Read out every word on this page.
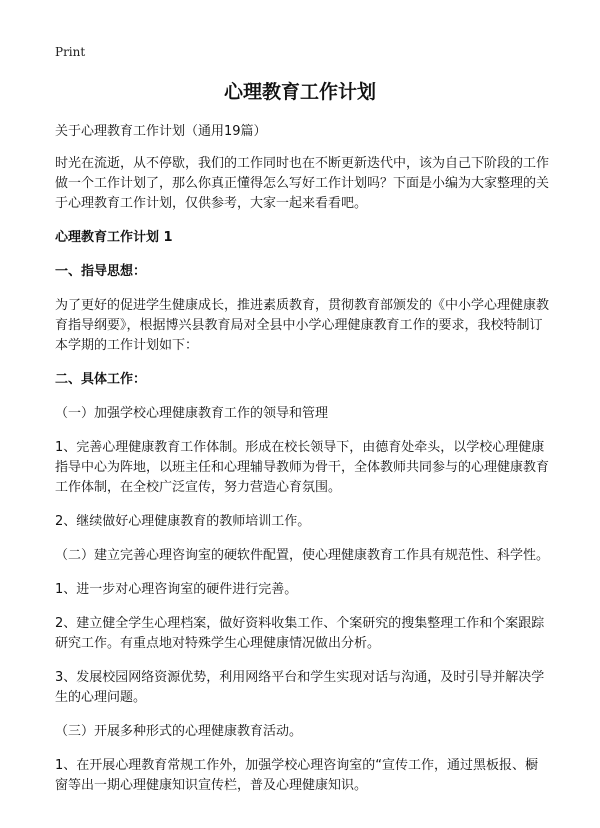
Print
心理教育工作计划

关于心理教育工作计划（通用19篇）

时光在流逝，从不停歇，我们的工作同时也在不断更新迭代中，该为自己下阶段的工作做一个工作计划了，那么你真正懂得怎么写好工作计划吗？下面是小编为大家整理的关于心理教育工作计划，仅供参考，大家一起来看看吧。

心理教育工作计划 1

一、指导思想：

为了更好的促进学生健康成长，推进素质教育，贯彻教育部颁发的《中小学心理健康教育指导纲要》，根据博兴县教育局对全县中小学心理健康教育工作的要求，我校特制订本学期的工作计划如下：

二、具体工作：

（一）加强学校心理健康教育工作的领导和管理

1、完善心理健康教育工作体制。形成在校长领导下，由德育处牵头，以学校心理健康指导中心为阵地，以班主任和心理辅导教师为骨干，全体教师共同参与的心理健康教育工作体制，在全校广泛宣传，努力营造心育氛围。

2、继续做好心理健康教育的教师培训工作。

（二）建立完善心理咨询室的硬软件配置，使心理健康教育工作具有规范性、科学性。

1、进一步对心理咨询室的硬件进行完善。

2、建立健全学生心理档案，做好资料收集工作、个案研究的搜集整理工作和个案跟踪研究工作。有重点地对特殊学生心理健康情况做出分析。

3、发展校园网络资源优势，利用网络平台和学生实现对话与沟通，及时引导并解决学生的心理问题。

（三）开展多种形式的心理健康教育活动。

1、在开展心理教育常规工作外，加强学校心理咨询室的“宣传工作，通过黑板报、橱窗等出一期心理健康知识宣传栏，普及心理健康知识。
